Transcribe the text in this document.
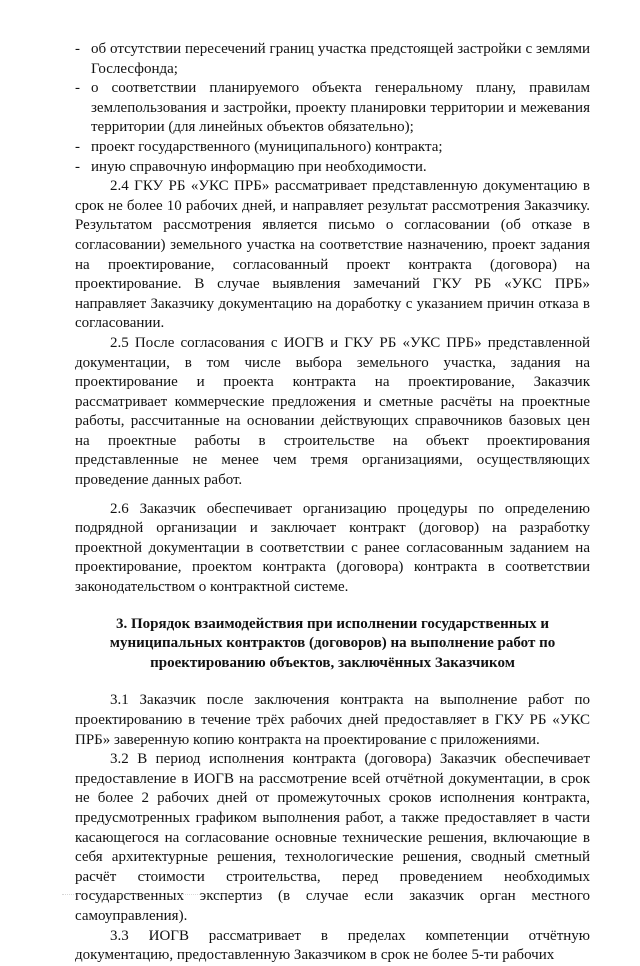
- об отсутствии пересечений границ участка предстоящей застройки с землями Гослесфонда;
- о соответствии планируемого объекта генеральному плану, правилам землепользования и застройки, проекту планировки территории и межевания территории (для линейных объектов обязательно);
- проект государственного (муниципального) контракта;
- иную справочную информацию при необходимости.

2.4 ГКУ РБ «УКС ПРБ» рассматривает представленную документацию в срок не более 10 рабочих дней, и направляет результат рассмотрения Заказчику. Результатом рассмотрения является письмо о согласовании (об отказе в согласовании) земельного участка на соответствие назначению, проект задания на проектирование, согласованный проект контракта (договора) на проектирование. В случае выявления замечаний ГКУ РБ «УКС ПРБ» направляет Заказчику документацию на доработку с указанием причин отказа в согласовании.

2.5 После согласования с ИОГВ и ГКУ РБ «УКС ПРБ» представленной документации, в том числе выбора земельного участка, задания на проектирование и проекта контракта на проектирование, Заказчик рассматривает коммерческие предложения и сметные расчёты на проектные работы, рассчитанные на основании действующих справочников базовых цен на проектные работы в строительстве на объект проектирования представленные не менее чем тремя организациями, осуществляющих проведение данных работ.

2.6 Заказчик обеспечивает организацию процедуры по определению подрядной организации и заключает контракт (договор) на разработку проектной документации в соответствии с ранее согласованным заданием на проектирование, проектом контракта (договора) контракта в соответствии законодательством о контрактной системе.

3. Порядок взаимодействия при исполнении государственных и муниципальных контрактов (договоров) на выполнение работ по проектированию объектов, заключённых Заказчиком

3.1 Заказчик после заключения контракта на выполнение работ по проектированию в течение трёх рабочих дней предоставляет в ГКУ РБ «УКС ПРБ» заверенную копию контракта на проектирование с приложениями.

3.2 В период исполнения контракта (договора) Заказчик обеспечивает предоставление в ИОГВ на рассмотрение всей отчётной документации, в срок не более 2 рабочих дней от промежуточных сроков исполнения контракта, предусмотренных графиком выполнения работ, а также предоставляет в части касающегося на согласование основные технические решения, включающие в себя архитектурные решения, технологические решения, сводный сметный расчёт стоимости строительства, перед проведением необходимых государственных экспертиз (в случае если заказчик орган местного самоуправления).

3.3 ИОГВ рассматривает в пределах компетенции отчётную документацию, предоставленную Заказчиком в срок не более 5-ти рабочих
